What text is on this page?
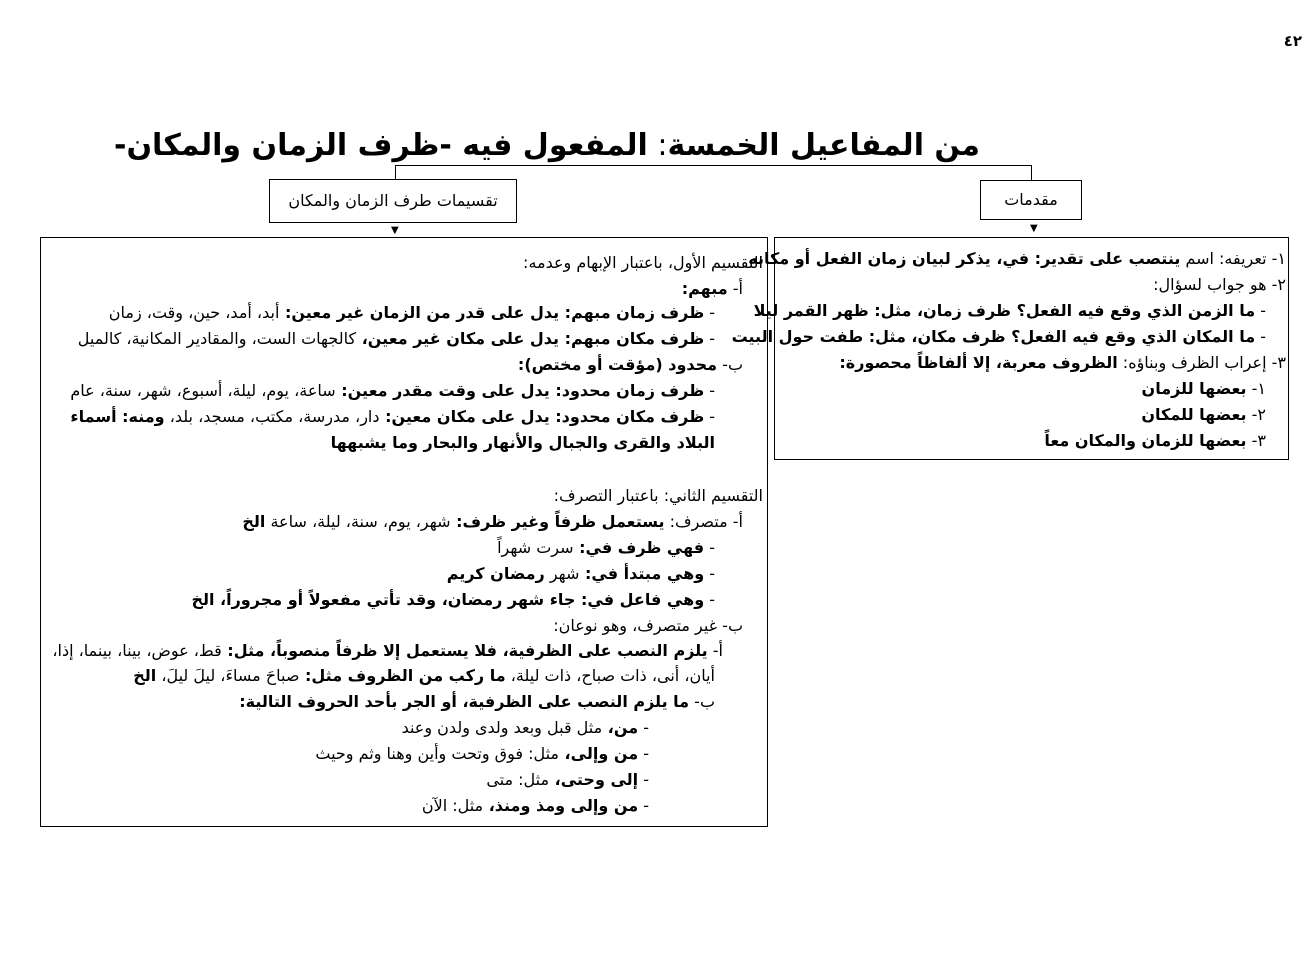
٤٢
من المفاعيل الخمسة: المفعول فيه -ظرف الزمان والمكان-
مقدمات
تقسيمات طرف الزمان والمكان
▼
▼
١- تعريفه: اسم ينتصب على تقدير: في، يذكر لبيان زمان الفعل أو مكانه
٢- هو جواب لسؤال:
- ما الزمن الذي وقع فيه الفعل؟ ظرف زمان، مثل: ظهر القمر ليلا
- ما المكان الذي وقع فيه الفعل؟ ظرف مكان، مثل: طفت حول البيت
٣- إعراب الظرف وبناؤه: الظروف معربة، إلا ألفاظاً محصورة:
١- بعضها للزمان
٢- بعضها للمكان
٣- بعضها للزمان والمكان معاً
التقسيم الأول، باعتبار الإبهام وعدمه:
أ- مبهم:
- ظرف زمان مبهم: يدل على قدر من الزمان غير معين: أبد، أمد، حين، وقت، زمان
- ظرف مكان مبهم: يدل على مكان غير معين، كالجهات الست، والمقادير المكانية، كالميل
ب- محدود (مؤقت أو مختص):
- ظرف زمان محدود: يدل على وقت مقدر معين: ساعة، يوم، ليلة، أسبوع، شهر، سنة، عام
- ظرف مكان محدود: يدل على مكان معين: دار، مدرسة، مكتب، مسجد، بلد، ومنه: أسماء
البلاد والقرى والجبال والأنهار والبحار وما يشبهها
التقسيم الثاني: باعتبار التصرف:
أ- متصرف: يستعمل ظرفاً وغير ظرف: شهر، يوم، سنة، ليلة، ساعة الخ
- فهي ظرف في: سرت شهراً
- وهي مبتدأ في: شهر رمضان كريم
- وهي فاعل في: جاء شهر رمضان، وقد تأتي مفعولاً أو مجروراً، الخ
ب- غير متصرف، وهو نوعان:
أ- يلزم النصب على الظرفية، فلا يستعمل إلا ظرفاً منصوباً، مثل: قط، عوض، بينا، بينما، إذا،
أيان، أنى، ذات صباح، ذات ليلة، ما ركب من الظروف مثل: صباحَ مساءَ، ليلَ ليلَ، الخ
ب- ما يلزم النصب على الظرفية، أو الجر بأحد الحروف التالية:
- من، مثل قبل وبعد ولدى ولدن وعند
- من وإلى، مثل: فوق وتحت وأين وهنا وثم وحيث
- إلى وحتى، مثل: متى
- من وإلى ومذ ومنذ، مثل: الآن
